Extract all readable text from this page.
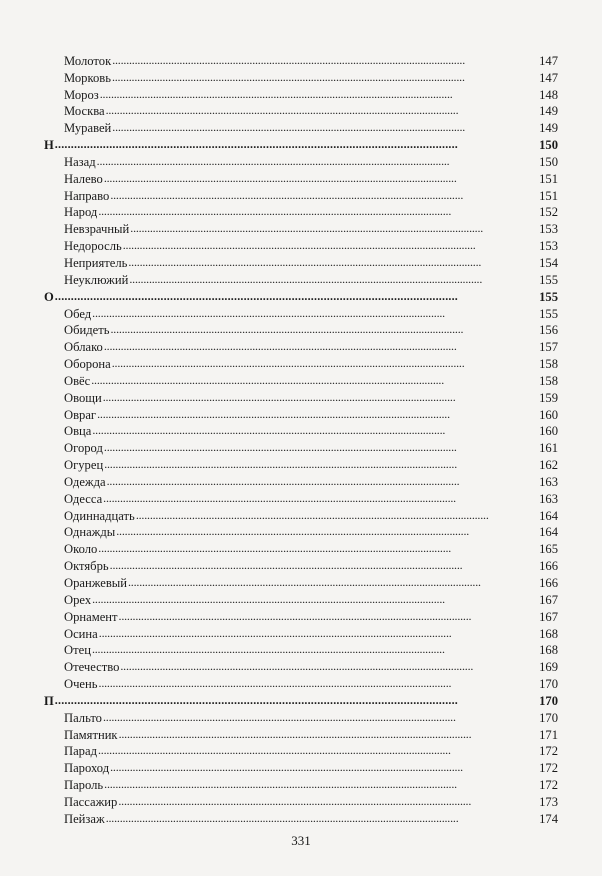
Молоток . . .	147
Морковь . . .	147
Мороз . . .	148
Москва . . .	149
Муравей . . .	149
Н . . .	150
Назад . . .	150
Налево . . .	151
Направо . . .	151
Народ . . .	152
Невзрачный . . .	153
Недоросль . . .	153
Неприятель . . .	154
Неуклюжий . . .	155
О . . .	155
Обед . . .	155
Обидеть . . .	156
Облако . . .	157
Оборона . . .	158
Овёс . . .	158
Овощи . . .	159
Овраг . . .	160
Овца . . .	160
Огород . . .	161
Огурец . . .	162
Одежда . . .	163
Одесса . . .	163
Одиннадцать . . .	164
Однажды . . .	164
Около . . .	165
Октябрь . . .	166
Оранжевый . . .	166
Орех . . .	167
Орнамент . . .	167
Осина . . .	168
Отец . . .	168
Отечество . . .	169
Очень . . .	170
П . . .	170
Пальто . . .	170
Памятник . . .	171
Парад . . .	172
Пароход . . .	172
Пароль . . .	172
Пассажир . . .	173
Пейзаж . . .	174
331
